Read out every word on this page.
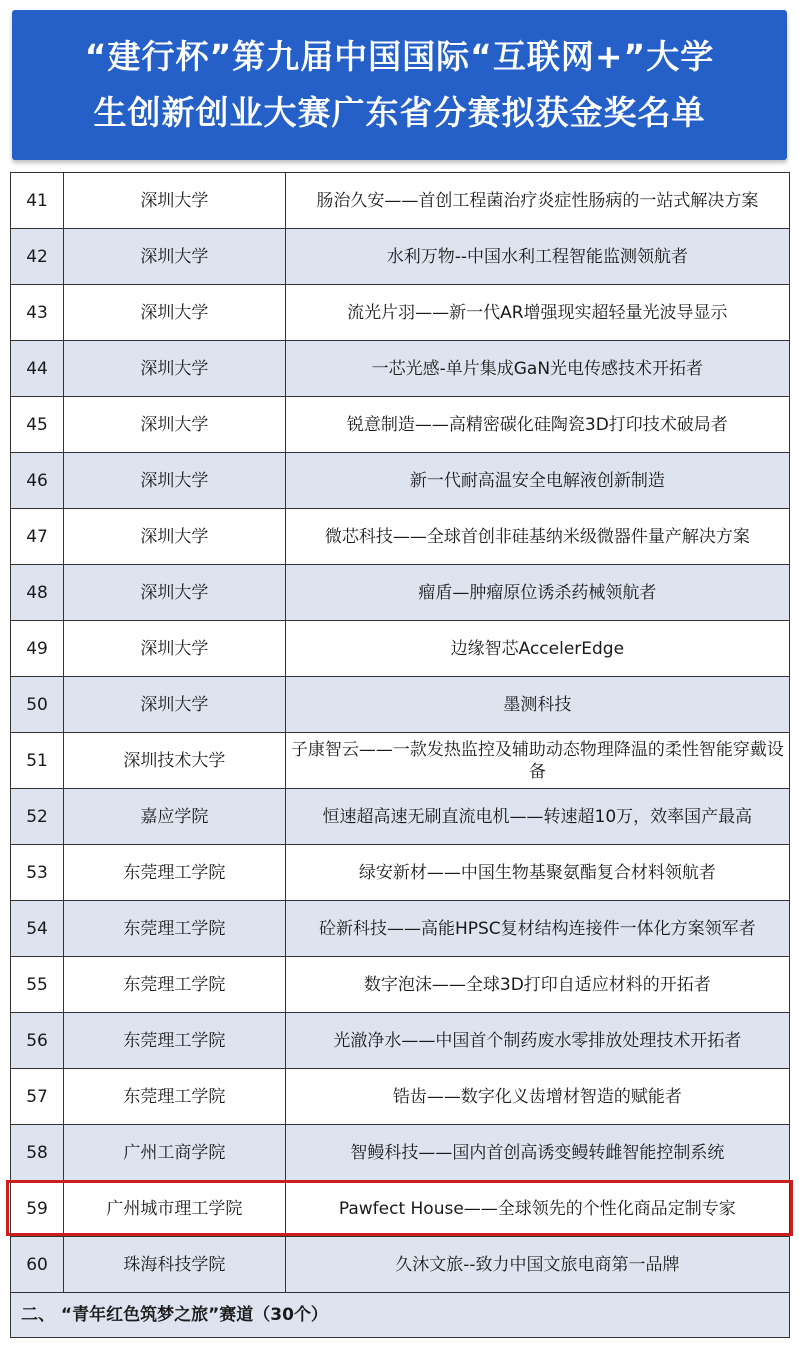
“建行杯”第九届中国国际“互联网+”大学
生创新创业大赛广东省分赛拟获金奖名单
41	深圳大学	肠治久安——首创工程菌治疗炎症性肠病的一站式解决方案
42	深圳大学	水利万物--中国水利工程智能监测领航者
43	深圳大学	流光片羽——新一代AR增强现实超轻量光波导显示
44	深圳大学	一芯光感-单片集成GaN光电传感技术开拓者
45	深圳大学	锐意制造——高精密碳化硅陶瓷3D打印技术破局者
46	深圳大学	新一代耐高温安全电解液创新制造
47	深圳大学	微芯科技——全球首创非硅基纳米级微器件量产解决方案
48	深圳大学	瘤盾—肿瘤原位诱杀药械领航者
49	深圳大学	边缘智芯AccelerEdge
50	深圳大学	墨测科技
51	深圳技术大学	子康智云——一款发热监控及辅助动态物理降温的柔性智能穿戴设备
52	嘉应学院	恒速超高速无刷直流电机——转速超10万，效率国产最高
53	东莞理工学院	绿安新材——中国生物基聚氨酯复合材料领航者
54	东莞理工学院	砼新科技——高能HPSC复材结构连接件一体化方案领军者
55	东莞理工学院	数字泡沫——全球3D打印自适应材料的开拓者
56	东莞理工学院	光澈净水——中国首个制药废水零排放处理技术开拓者
57	东莞理工学院	锆齿——数字化义齿增材智造的赋能者
58	广州工商学院	智鳗科技——国内首创高诱变鳗转雌智能控制系统
59	广州城市理工学院	Pawfect House——全球领先的个性化商品定制专家
60	珠海科技学院	久沐文旅--致力中国文旅电商第一品牌
二、 “青年红色筑梦之旅”赛道（30个）		
